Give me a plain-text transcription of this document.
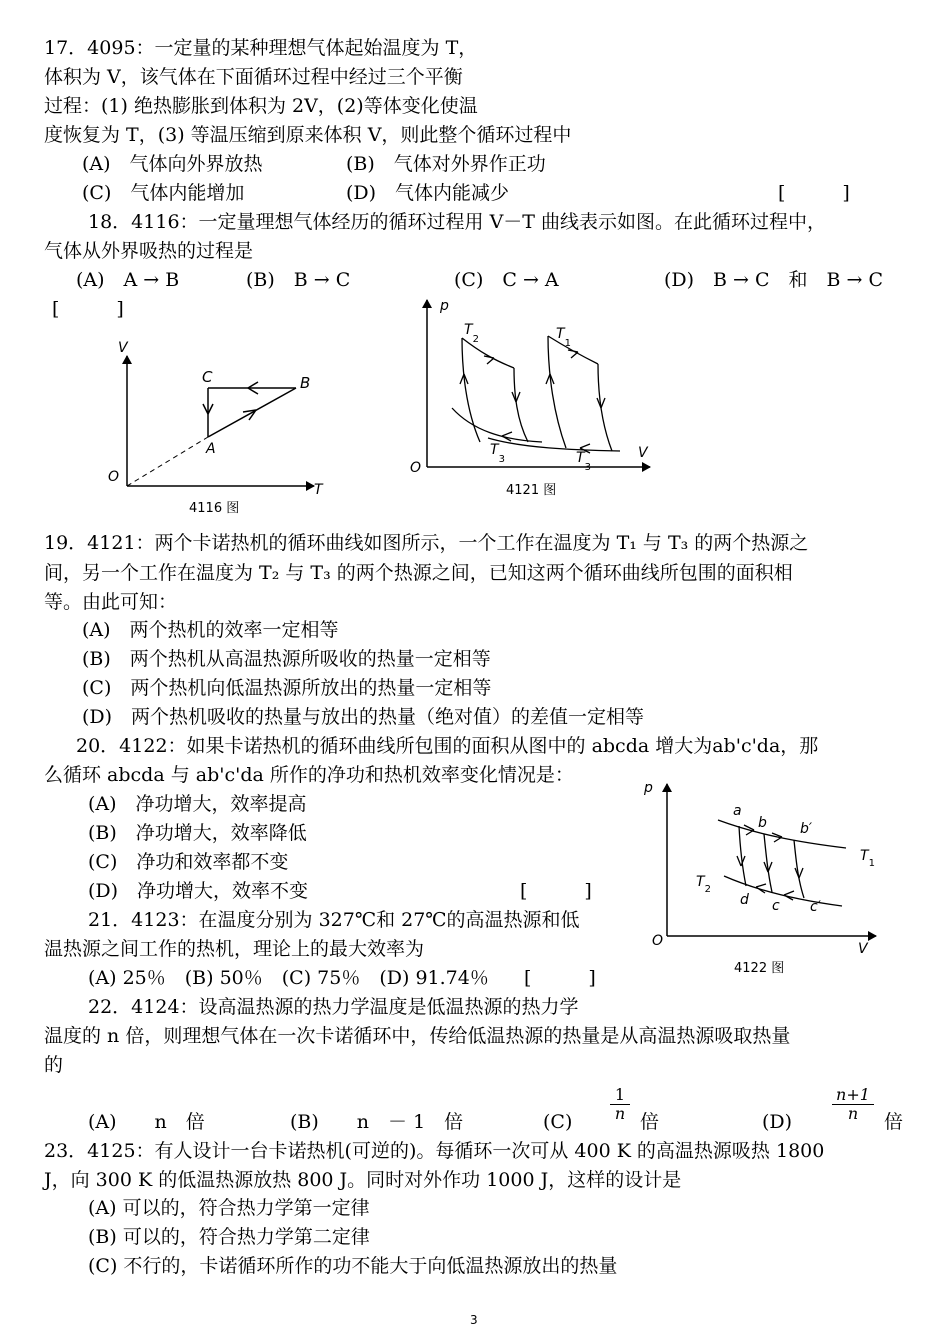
17．4095：一定量的某种理想气体起始温度为 T，
体积为 V，该气体在下面循环过程中经过三个平衡
过程：(1) 绝热膨胀到体积为 2V，(2)等体变化使温
度恢复为 T，(3) 等温压缩到原来体积 V，则此整个循环过程中
(A)　气体向外界放热	(B)　气体对外界作正功
(C)　气体内能增加	(D)　气体内能减少	[　　　]
18．4116：一定量理想气体经历的循环过程用 V－T 曲线表示如图。在此循环过程中，
气体从外界吸热的过程是
(A)　A → B	(B)　B → C	(C)　C → A	(D)　B → C　和　B → C
[　　　]
V
T
O
A
B
C
4116 图
p
V
O
$T_2$	$T_1$
$T_3$	$T_3$
4121 图
19．4121：两个卡诺热机的循环曲线如图所示，一个工作在温度为 T₁ 与 T₃ 的两个热源之
间，另一个工作在温度为 T₂ 与 T₃ 的两个热源之间，已知这两个循环曲线所包围的面积相
等。由此可知：
(A)　两个热机的效率一定相等
(B)　两个热机从高温热源所吸收的热量一定相等
(C)　两个热机向低温热源所放出的热量一定相等
(D)　两个热机吸收的热量与放出的热量（绝对值）的差值一定相等
20．4122：如果卡诺热机的循环曲线所包围的面积从图中的 abcda 增大为ab'c'da，那
么循环 abcda 与 ab'c'da 所作的净功和热机效率变化情况是：
(A)　净功增大，效率提高
(B)　净功增大，效率降低
(C)　净功和效率都不变
(D)　净功增大，效率不变	[　　　]
p
V
O
a
b b′
d c c′
$T_1$
$T_2$
4122 图
21．4123：在温度分别为 327℃和 27℃的高温热源和低
温热源之间工作的热机，理论上的最大效率为
(A) 25％　(B) 50％　(C) 75％　(D) 91.74％ [　　　]
22．4124：设高温热源的热力学温度是低温热源的热力学
温度的 n 倍，则理想气体在一次卡诺循环中，传给低温热源的热量是从高温热源吸取热量
的
(A)　　n　倍	(B)　　n　－ 1　倍	$(C) \frac{1}{n}$ 倍	$(D) \frac{n+1}{n}$ 倍
23．4125：有人设计一台卡诺热机(可逆的)。每循环一次可从 400 K 的高温热源吸热 1800
J，向 300 K 的低温热源放热 800 J。同时对外作功 1000 J，这样的设计是
(A) 可以的，符合热力学第一定律
(B) 可以的，符合热力学第二定律
(C) 不行的，卡诺循环所作的功不能大于向低温热源放出的热量
3
